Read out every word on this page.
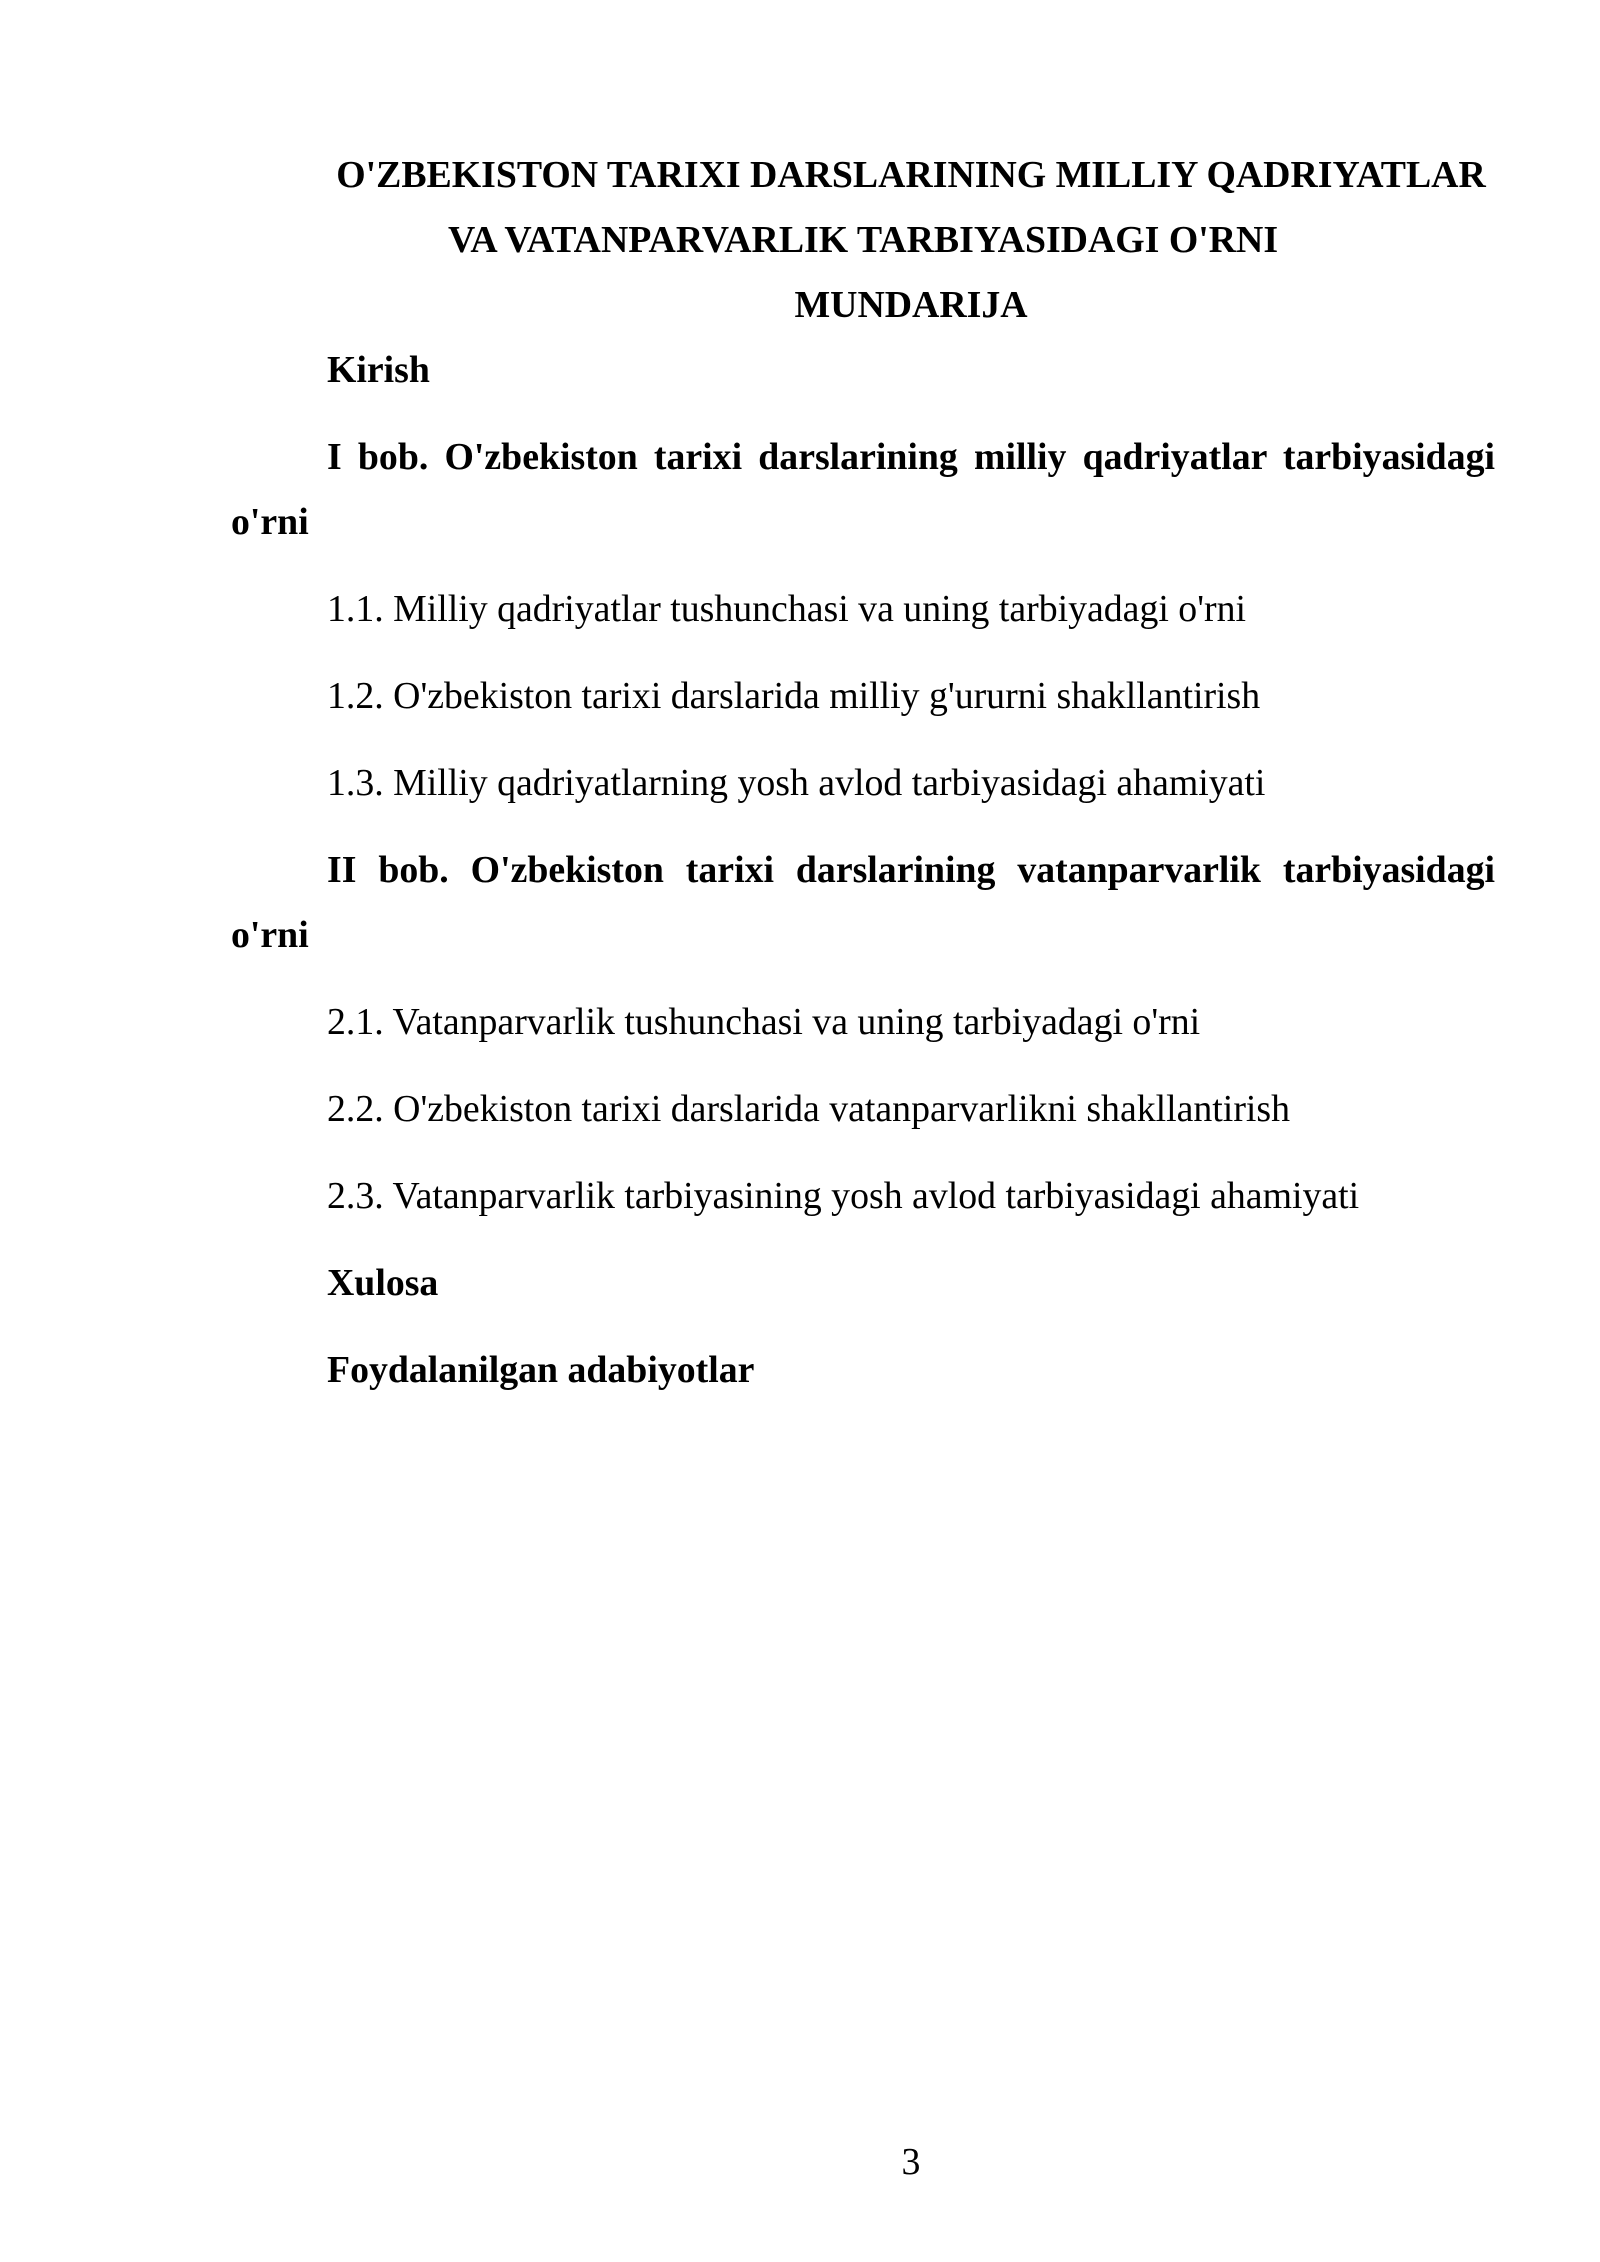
O'ZBEKISTON TARIXI DARSLARINING MILLIY QADRIYATLAR
VA VATANPARVARLIK TARBIYASIDAGI O'RNI
MUNDARIJA
Kirish
I bob. O'zbekiston tarixi darslarining milliy qadriyatlar tarbiyasidagi
o'rni
1.1. Milliy qadriyatlar tushunchasi va uning tarbiyadagi o'rni
1.2. O'zbekiston tarixi darslarida milliy g'ururni shakllantirish
1.3. Milliy qadriyatlarning yosh avlod tarbiyasidagi ahamiyati
II bob. O'zbekiston tarixi darslarining vatanparvarlik tarbiyasidagi
o'rni
2.1. Vatanparvarlik tushunchasi va uning tarbiyadagi o'rni
2.2. O'zbekiston tarixi darslarida vatanparvarlikni shakllantirish
2.3. Vatanparvarlik tarbiyasining yosh avlod tarbiyasidagi ahamiyati
Xulosa
Foydalanilgan adabiyotlar
3
